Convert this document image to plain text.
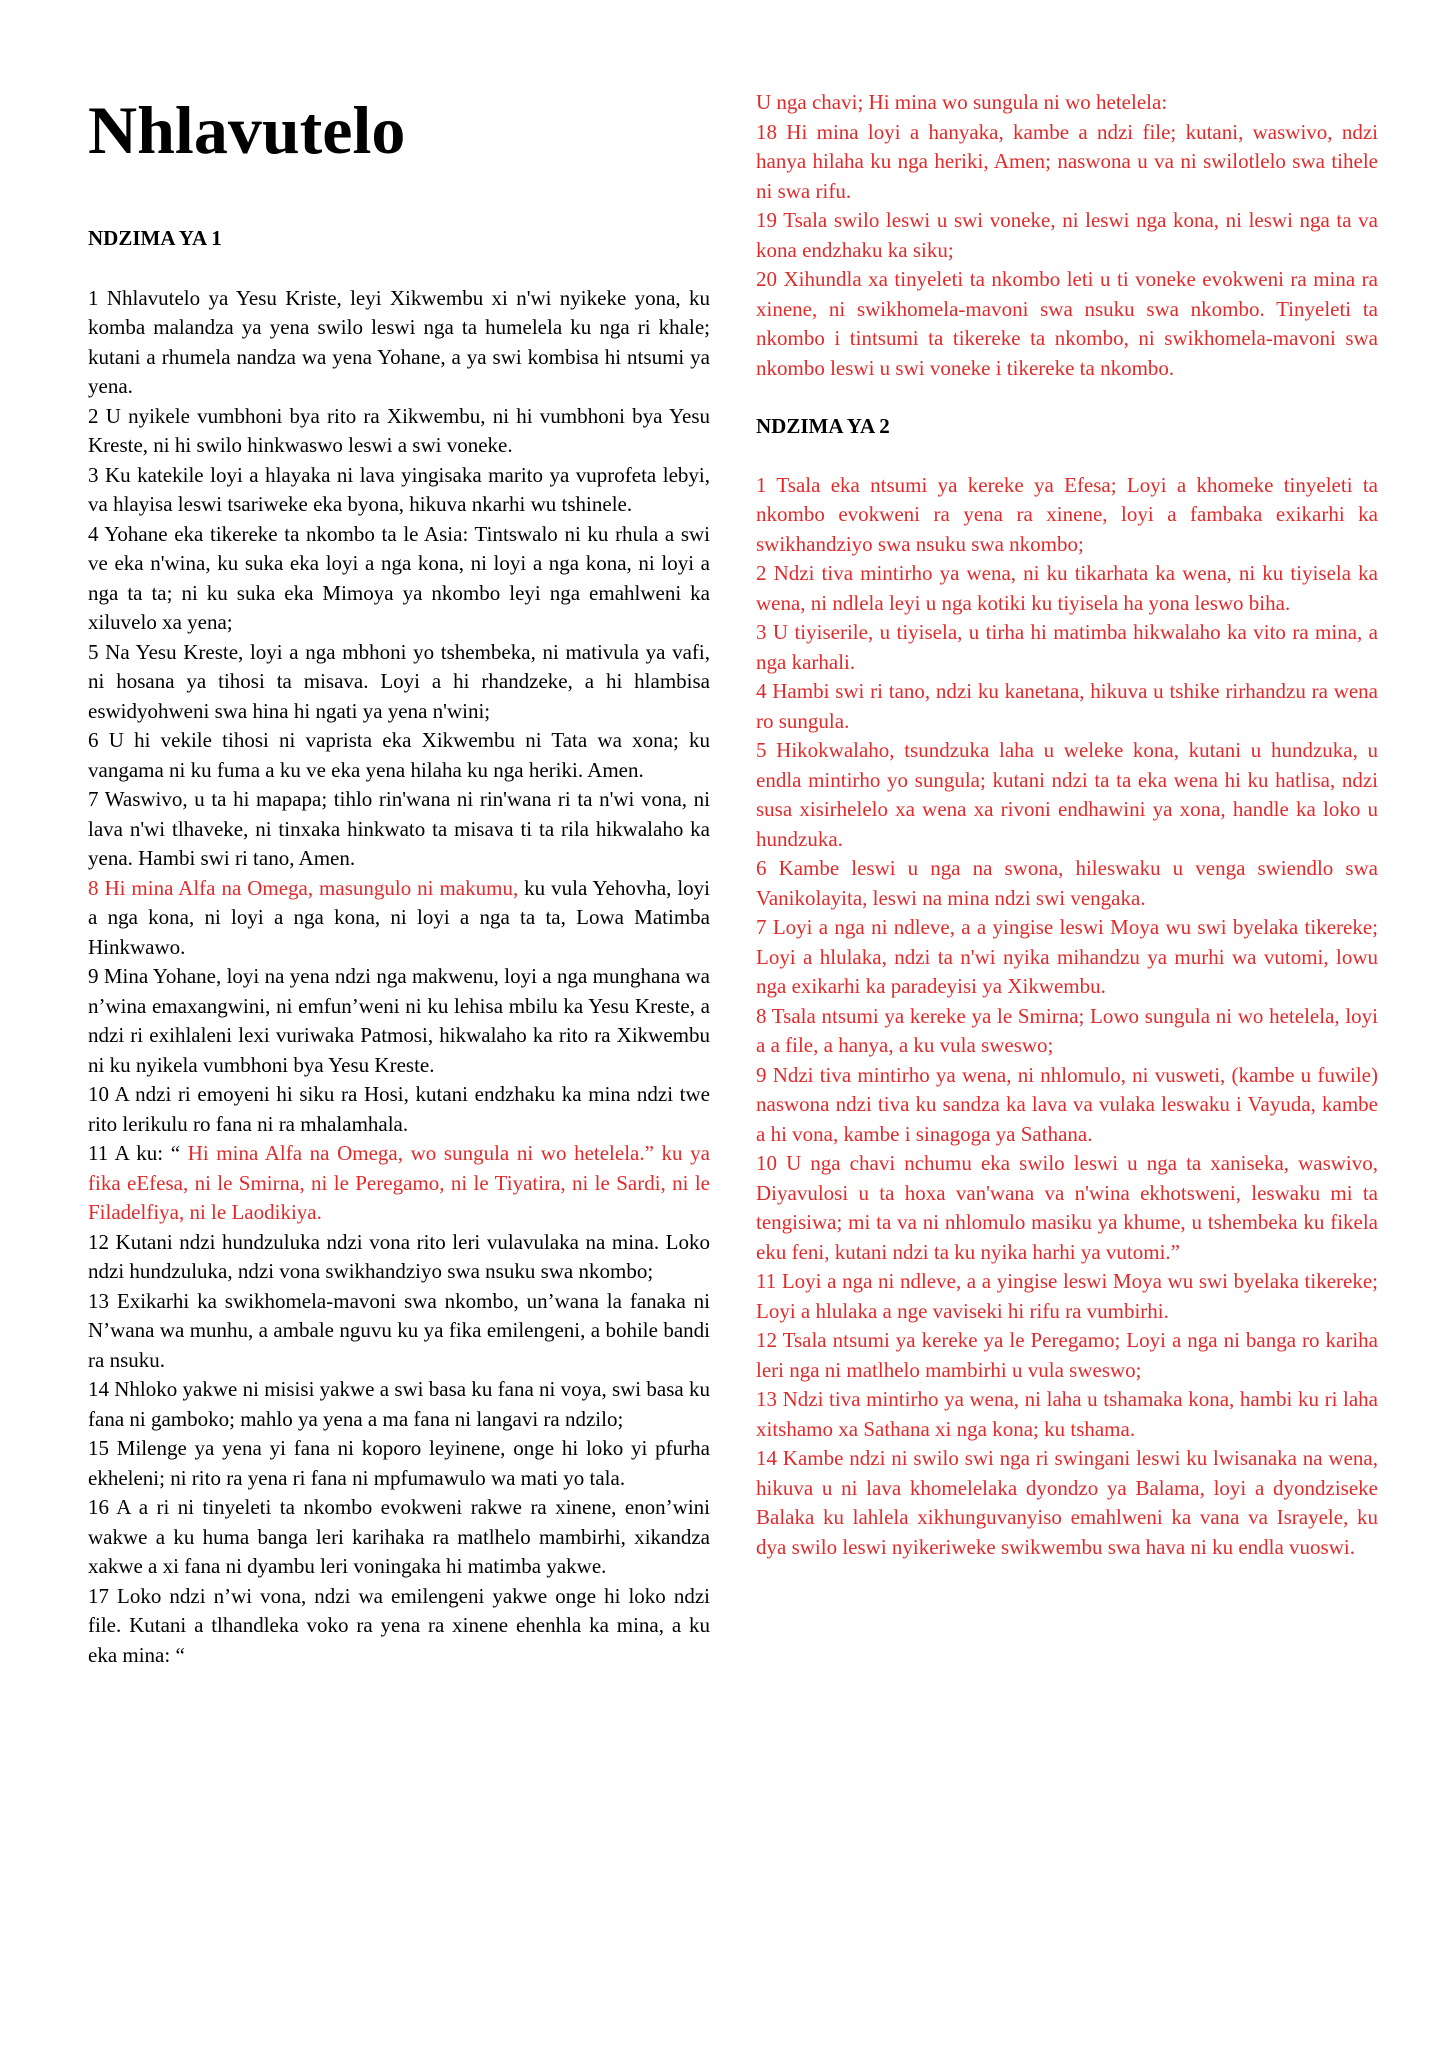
Nhlavutelo
NDZIMA YA 1

1 Nhlavutelo ya Yesu Kriste, leyi Xikwembu xi n'wi nyikeke yona, ku komba malandza ya yena swilo leswi nga ta humelela ku nga ri khale; kutani a rhumela nandza wa yena Yohane, a ya swi kombisa hi ntsumi ya yena.

2 U nyikele vumbhoni bya rito ra Xikwembu, ni hi vumbhoni bya Yesu Kreste, ni hi swilo hinkwaswo leswi a swi voneke.

3 Ku katekile loyi a hlayaka ni lava yingisaka marito ya vuprofeta lebyi, va hlayisa leswi tsariweke eka byona, hikuva nkarhi wu tshinele.

4 Yohane eka tikereke ta nkombo ta le Asia: Tintswalo ni ku rhula a swi ve eka n'wina, ku suka eka loyi a nga kona, ni loyi a nga kona, ni loyi a nga ta ta; ni ku suka eka Mimoya ya nkombo leyi nga emahlweni ka xiluvelo xa yena;

5 Na Yesu Kreste, loyi a nga mbhoni yo tshembeka, ni mativula ya vafi, ni hosana ya tihosi ta misava. Loyi a hi rhandzeke, a hi hlambisa eswidyohweni swa hina hi ngati ya yena n'wini;

6 U hi vekile tihosi ni vaprista eka Xikwembu ni Tata wa xona; ku vangama ni ku fuma a ku ve eka yena hilaha ku nga heriki. Amen.

7 Waswivo, u ta hi mapapa; tihlo rin'wana ni rin'wana ri ta n'wi vona, ni lava n'wi tlhaveke, ni tinxaka hinkwato ta misava ti ta rila hikwalaho ka yena. Hambi swi ri tano, Amen.

8 Hi mina Alfa na Omega, masungulo ni makumu, ku vula Yehovha, loyi a nga kona, ni loyi a nga kona, ni loyi a nga ta ta, Lowa Matimba Hinkwawo.

9 Mina Yohane, loyi na yena ndzi nga makwenu, loyi a nga munghana wa n’wina emaxangwini, ni emfun’weni ni ku lehisa mbilu ka Yesu Kreste, a ndzi ri exihlaleni lexi vuriwaka Patmosi, hikwalaho ka rito ra Xikwembu ni ku nyikela vumbhoni bya Yesu Kreste.

10 A ndzi ri emoyeni hi siku ra Hosi, kutani endzhaku ka mina ndzi twe rito lerikulu ro fana ni ra mhalamhala.

11 A ku: “ Hi mina Alfa na Omega, wo sungula ni wo hetelela.” ku ya fika eEfesa, ni le Smirna, ni le Peregamo, ni le Tiyatira, ni le Sardi, ni le Filadelfiya, ni le Laodikiya.

12 Kutani ndzi hundzuluka ndzi vona rito leri vulavulaka na mina. Loko ndzi hundzuluka, ndzi vona swikhandziyo swa nsuku swa nkombo;

13 Exikarhi ka swikhomela-mavoni swa nkombo, un’wana la fanaka ni N’wana wa munhu, a ambale nguvu ku ya fika emilengeni, a bohile bandi ra nsuku.

14 Nhloko yakwe ni misisi yakwe a swi basa ku fana ni voya, swi basa ku fana ni gamboko; mahlo ya yena a ma fana ni langavi ra ndzilo;

15 Milenge ya yena yi fana ni koporo leyinene, onge hi loko yi pfurha ekheleni; ni rito ra yena ri fana ni mpfumawulo wa mati yo tala.

16 A a ri ni tinyeleti ta nkombo evokweni rakwe ra xinene, enon’wini wakwe a ku huma banga leri karihaka ra matlhelo mambirhi, xikandza xakwe a xi fana ni dyambu leri voningaka hi matimba yakwe.

17 Loko ndzi n’wi vona, ndzi wa emilengeni yakwe onge hi loko ndzi file. Kutani a tlhandleka voko ra yena ra xinene ehenhla ka mina, a ku eka mina: “

U nga chavi; Hi mina wo sungula ni wo hetelela:

18 Hi mina loyi a hanyaka, kambe a ndzi file; kutani, waswivo, ndzi hanya hilaha ku nga heriki, Amen; naswona u va ni swilotlelo swa tihele ni swa rifu.

19 Tsala swilo leswi u swi voneke, ni leswi nga kona, ni leswi nga ta va kona endzhaku ka siku;

20 Xihundla xa tinyeleti ta nkombo leti u ti voneke evokweni ra mina ra xinene, ni swikhomela-mavoni swa nsuku swa nkombo. Tinyeleti ta nkombo i tintsumi ta tikereke ta nkombo, ni swikhomela-mavoni swa nkombo leswi u swi voneke i tikereke ta nkombo.

NDZIMA YA 2

1 Tsala eka ntsumi ya kereke ya Efesa; Loyi a khomeke tinyeleti ta nkombo evokweni ra yena ra xinene, loyi a fambaka exikarhi ka swikhandziyo swa nsuku swa nkombo;

2 Ndzi tiva mintirho ya wena, ni ku tikarhata ka wena, ni ku tiyisela ka wena, ni ndlela leyi u nga kotiki ku tiyisela ha yona leswo biha.

3 U tiyiserile, u tiyisela, u tirha hi matimba hikwalaho ka vito ra mina, a nga karhali.

4 Hambi swi ri tano, ndzi ku kanetana, hikuva u tshike rirhandzu ra wena ro sungula.

5 Hikokwalaho, tsundzuka laha u weleke kona, kutani u hundzuka, u endla mintirho yo sungula; kutani ndzi ta ta eka wena hi ku hatlisa, ndzi susa xisirhelelo xa wena xa rivoni endhawini ya xona, handle ka loko u hundzuka.

6 Kambe leswi u nga na swona, hileswaku u venga swiendlo swa Vanikolayita, leswi na mina ndzi swi vengaka.

7 Loyi a nga ni ndleve, a a yingise leswi Moya wu swi byelaka tikereke; Loyi a hlulaka, ndzi ta n'wi nyika mihandzu ya murhi wa vutomi, lowu nga exikarhi ka paradeyisi ya Xikwembu.

8 Tsala ntsumi ya kereke ya le Smirna; Lowo sungula ni wo hetelela, loyi a a file, a hanya, a ku vula sweswo;

9 Ndzi tiva mintirho ya wena, ni nhlomulo, ni vusweti, (kambe u fuwile) naswona ndzi tiva ku sandza ka lava va vulaka leswaku i Vayuda, kambe a hi vona, kambe i sinagoga ya Sathana.

10 U nga chavi nchumu eka swilo leswi u nga ta xaniseka, waswivo, Diyavulosi u ta hoxa van'wana va n'wina ekhotsweni, leswaku mi ta tengisiwa; mi ta va ni nhlomulo masiku ya khume, u tshembeka ku fikela eku feni, kutani ndzi ta ku nyika harhi ya vutomi.”

11 Loyi a nga ni ndleve, a a yingise leswi Moya wu swi byelaka tikereke; Loyi a hlulaka a nge vaviseki hi rifu ra vumbirhi.

12 Tsala ntsumi ya kereke ya le Peregamo; Loyi a nga ni banga ro kariha leri nga ni matlhelo mambirhi u vula sweswo;

13 Ndzi tiva mintirho ya wena, ni laha u tshamaka kona, hambi ku ri laha xitshamo xa Sathana xi nga kona; ku tshama.

14 Kambe ndzi ni swilo swi nga ri swingani leswi ku lwisanaka na wena, hikuva u ni lava khomelelaka dyondzo ya Balama, loyi a dyondziseke Balaka ku lahlela xikhunguvanyiso emahlweni ka vana va Israyele, ku dya swilo leswi nyikeriweke swikwembu swa hava ni ku endla vuoswi.
